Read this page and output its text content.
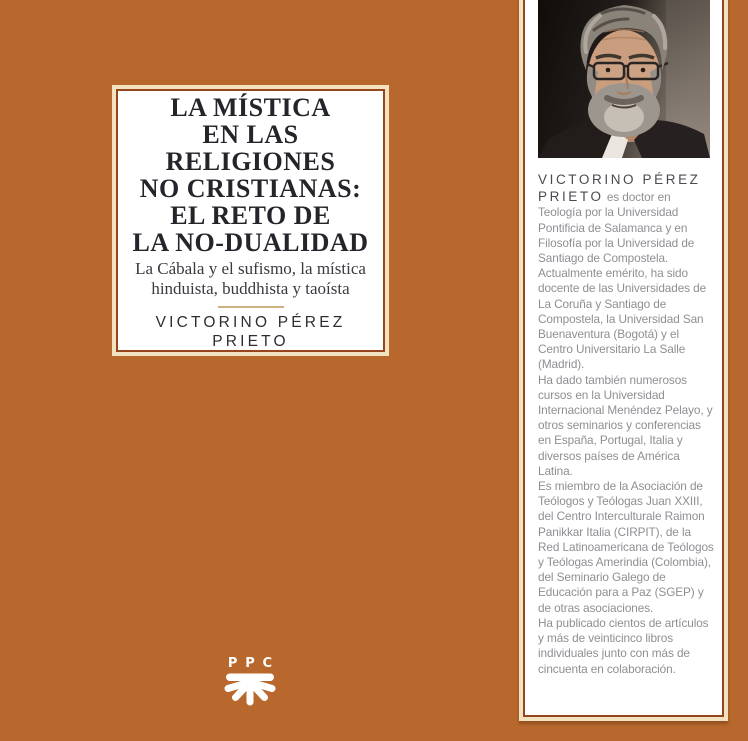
LA MÍSTICA
EN LAS
RELIGIONES
NO CRISTIANAS:
EL RETO DE
LA NO-DUALIDAD
La Cábala y el sufismo, la mística
hinduista, buddhista y taoísta
VICTORINO PÉREZ
PRIETO
PPC

VICTORINO PÉREZ
PRIETO es doctor en Teología por la Universidad Pontificia de Salamanca y en Filosofía por la Universidad de Santiago de Compostela. Actualmente emérito, ha sido docente de las Universidades de La Coruña y Santiago de Compostela, la Universidad San Buenaventura (Bogotá) y el Centro Universitario La Salle (Madrid).

Ha dado también numerosos cursos en la Universidad Internacional Menéndez Pelayo, y otros seminarios y conferencias en España, Portugal, Italia y diversos países de América Latina.

Es miembro de la Asociación de Teólogos y Teólogas Juan XXIII, del Centro Interculturale Raimon Panikkar Italia (CIRPIT), de la Red Latinoamericana de Teólogos y Teólogas Amerindia (Colombia), del Seminario Galego de Educación para a Paz (SGEP) y de otras asociaciones.

Ha publicado cientos de artículos y más de veinticinco libros individuales junto con más de cincuenta en colaboración.
